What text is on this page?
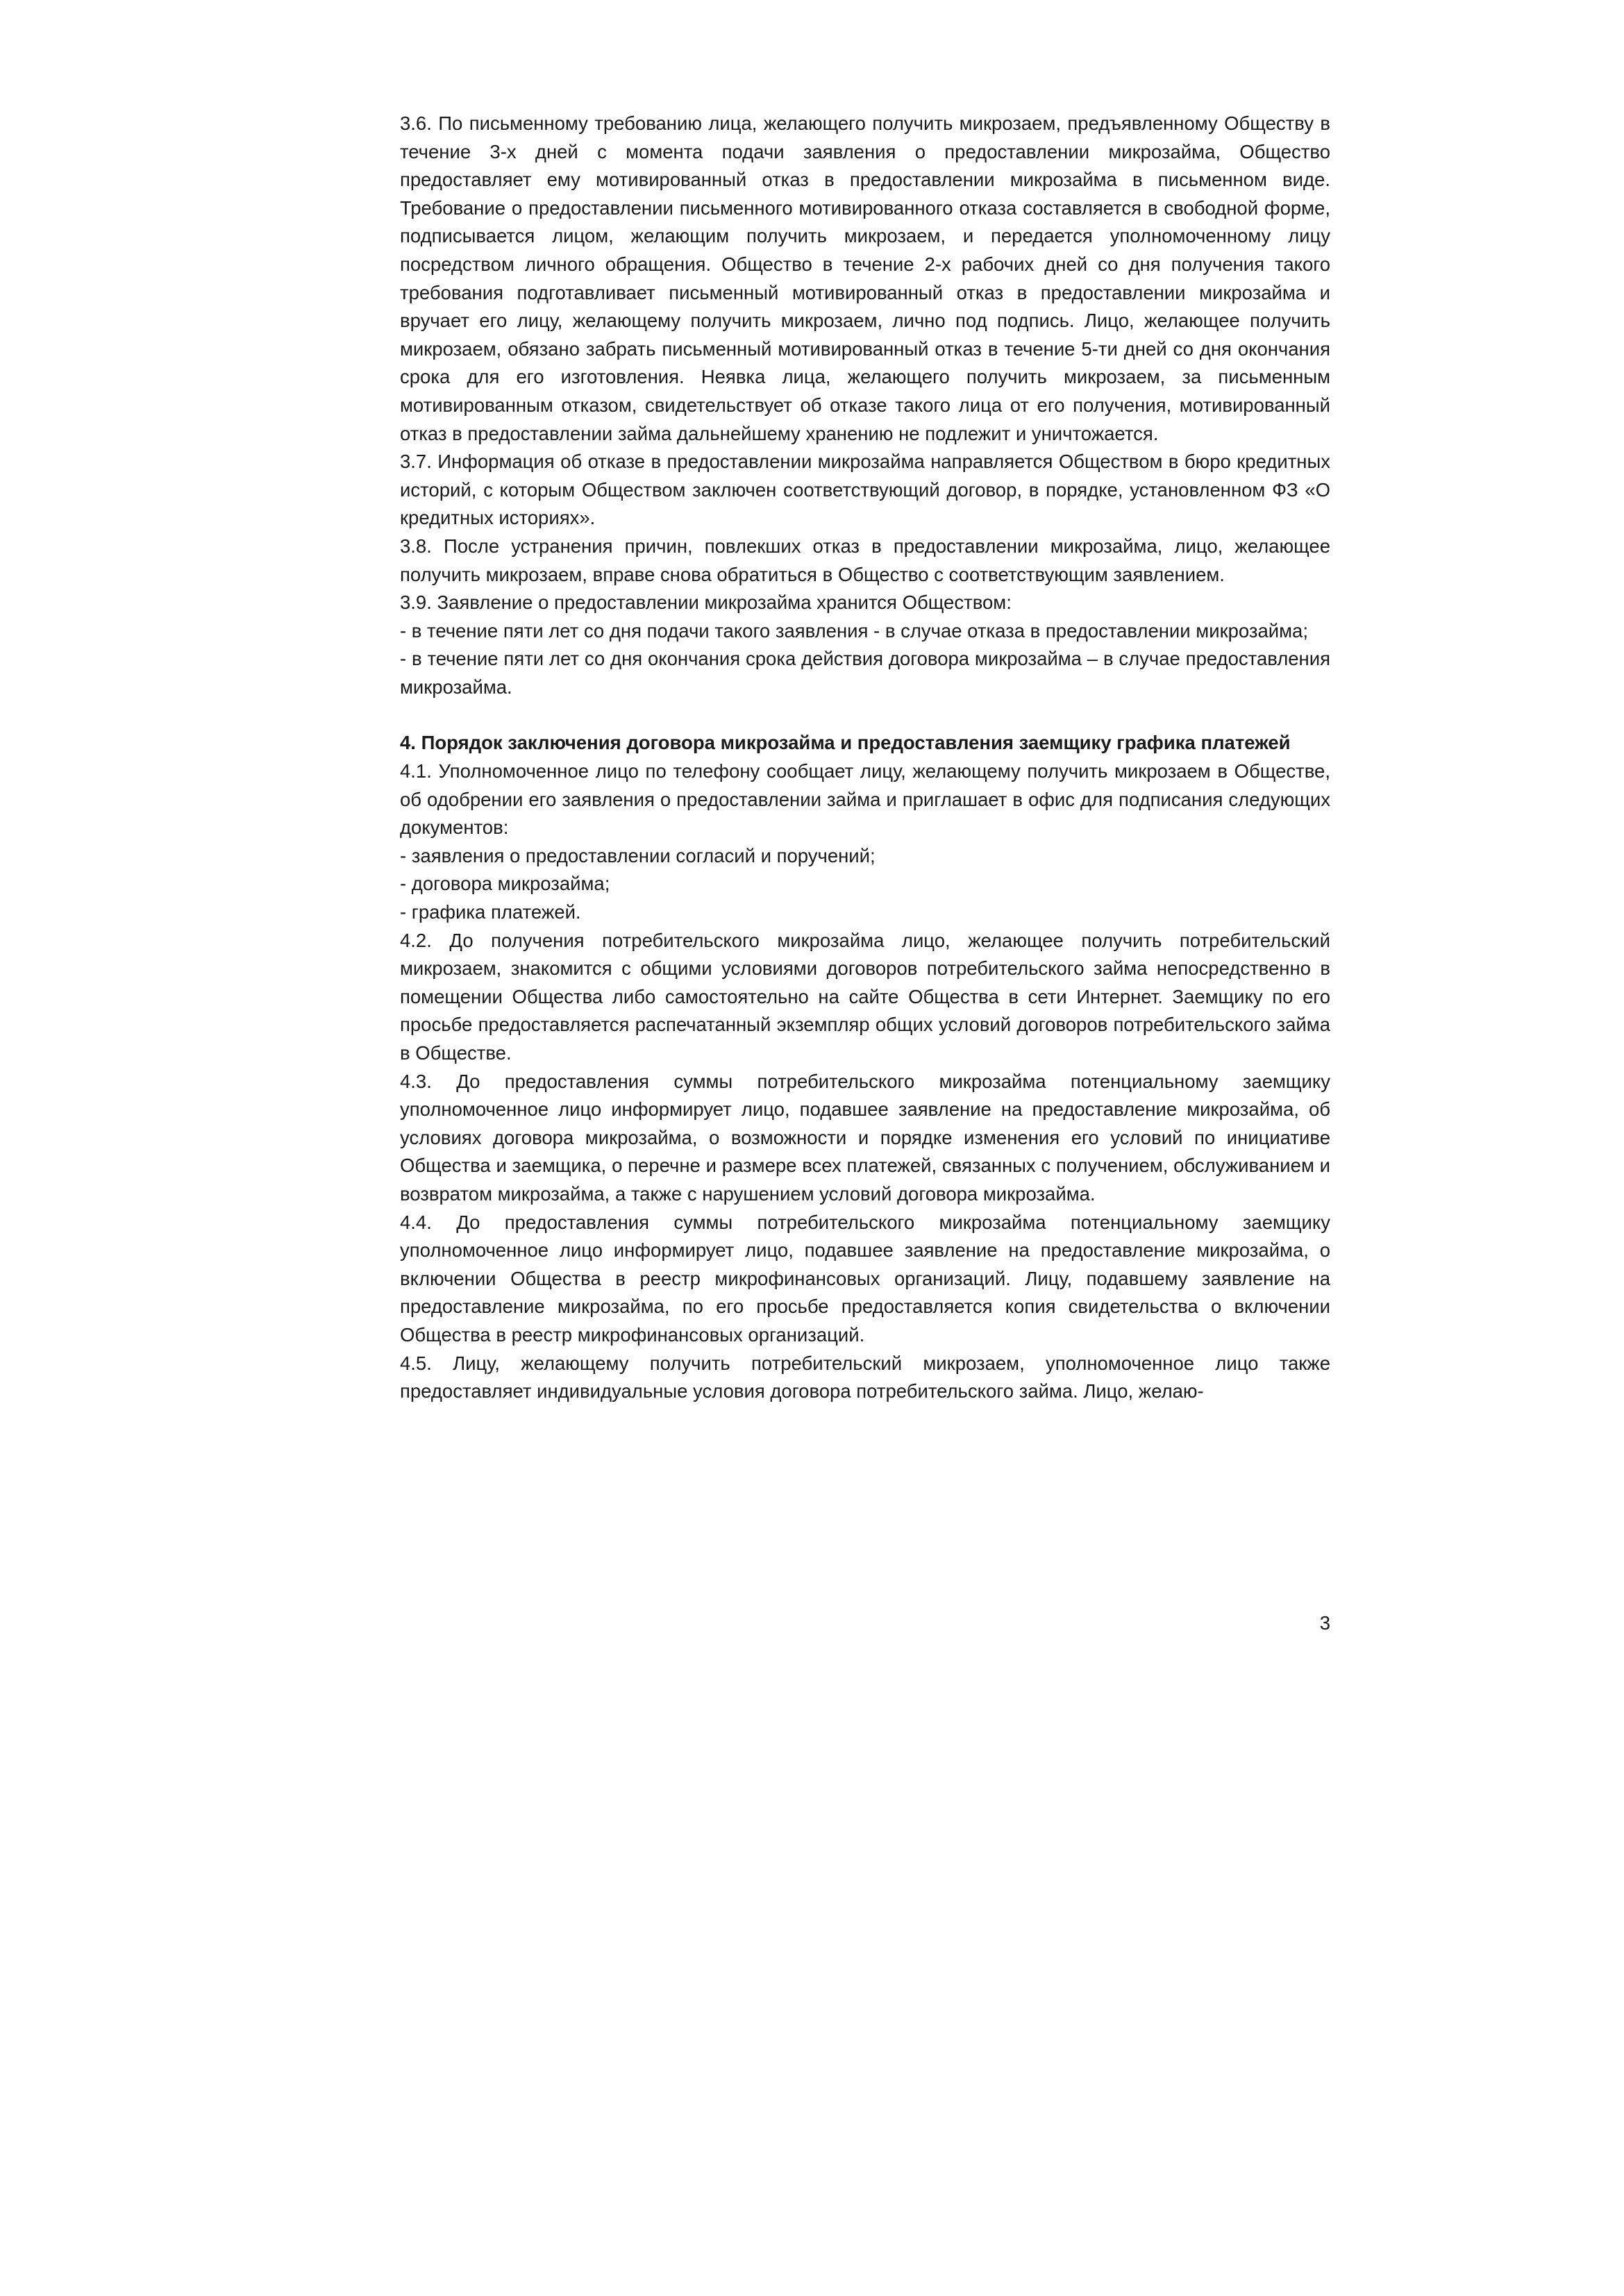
3.6. По письменному требованию лица, желающего получить микрозаем, предъявленному Обществу в течение 3-х дней с момента подачи заявления о предоставлении микрозайма, Общество предоставляет ему мотивированный отказ в предоставлении микрозайма в письменном виде. Требование о предоставлении письменного мотивированного отказа составляется в свободной форме, подписывается лицом, желающим получить микрозаем, и передается уполномоченному лицу посредством личного обращения. Общество в течение 2-х рабочих дней со дня получения такого требования подготавливает письменный мотивированный отказ в предоставлении микрозайма и вручает его лицу, желающему получить микрозаем, лично под подпись. Лицо, желающее получить микрозаем, обязано забрать письменный мотивированный отказ в течение 5-ти дней со дня окончания срока для его изготовления. Неявка лица, желающего получить микрозаем, за письменным мотивированным отказом, свидетельствует об отказе такого лица от его получения, мотивированный отказ в предоставлении займа дальнейшему хранению не подлежит и уничтожается.

3.7. Информация об отказе в предоставлении микрозайма направляется Обществом в бюро кредитных историй, с которым Обществом заключен соответствующий договор, в порядке, установленном ФЗ «О кредитных историях».

3.8. После устранения причин, повлекших отказ в предоставлении микрозайма, лицо, желающее получить микрозаем, вправе снова обратиться в Общество с соответствующим заявлением.

3.9. Заявление о предоставлении микрозайма хранится Обществом:

- в течение пяти лет со дня подачи такого заявления - в случае отказа в предоставлении микрозайма;

- в течение пяти лет со дня окончания срока действия договора микрозайма – в случае предоставления микрозайма.

4. Порядок заключения договора микрозайма и предоставления заемщику графика платежей

4.1. Уполномоченное лицо по телефону сообщает лицу, желающему получить микрозаем в Обществе, об одобрении его заявления о предоставлении займа и приглашает в офис для подписания следующих документов:

- заявления о предоставлении согласий и поручений;

- договора микрозайма;

- графика платежей.

4.2. До получения потребительского микрозайма лицо, желающее получить потребительский микрозаем, знакомится с общими условиями договоров потребительского займа непосредственно в помещении Общества либо самостоятельно на сайте Общества в сети Интернет. Заемщику по его просьбе предоставляется распечатанный экземпляр общих условий договоров потребительского займа в Обществе.

4.3. До предоставления суммы потребительского микрозайма потенциальному заемщику уполномоченное лицо информирует лицо, подавшее заявление на предоставление микрозайма, об условиях договора микрозайма, о возможности и порядке изменения его условий по инициативе Общества и заемщика, о перечне и размере всех платежей, связанных с получением, обслуживанием и возвратом микрозайма, а также с нарушением условий договора микрозайма.

4.4. До предоставления суммы потребительского микрозайма потенциальному заемщику уполномоченное лицо информирует лицо, подавшее заявление на предоставление микрозайма, о включении Общества в реестр микрофинансовых организаций. Лицу, подавшему заявление на предоставление микрозайма, по его просьбе предоставляется копия свидетельства о включении Общества в реестр микрофинансовых организаций.

4.5. Лицу, желающему получить потребительский микрозаем, уполномоченное лицо также предоставляет индивидуальные условия договора потребительского займа. Лицо, желаю-

3
